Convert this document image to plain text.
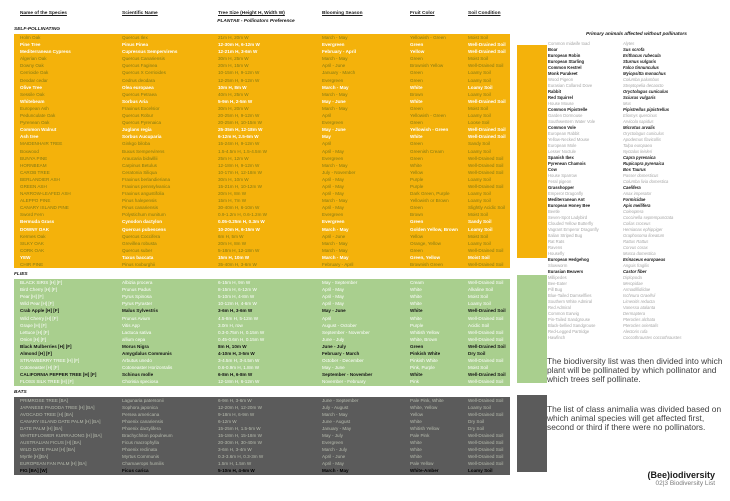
Name of the Species	Scientific Name	Tree Size (Height H, Width W)	Blooming Season	Fruit Color	Soil Condition
PLANTAE - Pollinators Preference
SELF-POLLINATING
Holm Oak	Quercus Ilex	21m H, 20m W	March - May	Yellowish - Green	Moist Soil
Pine Tree	Pinus Pinea	12-30m H, 6-12m W	Evergreen	Green	Well-Drained Soil
Mediterranean Cypress	Cupressus Sempervirens	12-21m H, 3-6m W	February - April	Yellow	Well-Drained Soil
Algerian Oak	Quercus Canariensis	30m H, 25m W	March - May	Green	Moist Soil
Downy Oak	Quercus Faginea	20m H, 15m W	April - June	Brownish Yellow	Well-Drained Soil
Cerrioide Oak	Quercus X Cerrioides	10-15m H, 9-12m W	January - March	Green	Loamy Soil
Deodar cedar	Cedrus deodara	12-25m H, 9-12m W	Evergreen	Green	Loamy Soil
Olive Tree	Olea europaea	10m H, 8m W	March - May	White	Loamy Soil
Sessile Oak	Quercus Petraea	40m H, 25m W	March - May	Brown	Loamy Soil
Whitebeam	Sorbus Aria	5-9m H, 2-5m W	May - June	White	Well-Drained Soil
European Ash	Fraxinus Excelsior	30m H, 20m W	March - May	Green	Moist Soil
Pedunculate Oak	Quercus Robur	20-25m H, 9-12m W	April	Yellowish - Green	Loamy Soil
Pyrenean Oak	Quercus Pyrenaica	20-25m H, 10-15m W	Evergreen	Green	Loose Soil
Common Walnut	Juglans regia	25-35m H, 12-18m W	May - June	Yellowish - Green	Well-Drained Soil
Ash tree	Sorbus Aucuparia	6-12m H, 2.5-6m W	May	White	Well-Drained Soil
MAIDENHAIR TREE	Ginkgo biloba	15-24m H, 9-12m W	April	Green	Sandy Soil
Boxwood	Buxus Sempervirens	1.5-4.5m H, 1.5-4.5m W	April - May	Greenish Cream	Loamy Soil
BUNYA PINE	Araucaria bidwillii	25m H, 12m W	Evergreen	Green	Well-Drained Soil
HORNBEAM	Carpinus Betulus	12-18m H, 9-12m W	March - May	White	Well-Drained Soil
CAROB TREE	Ceratonia Siliqua	10-17m H, 12-18m W	July - November	Yellow	Well-Drained Soil
BERLANDIER ASH	Fraxinus berlandieriana	30m H, 10m W	April - May	Purple	Loamy Soil
GREEN ASH	Fraxinus pennsylvanica	15-21m H, 10-12m W	April - May	Purple	Well-Drained Soil
NARROW-LEAFED ASH	Fraxinus angustifolia	20m H, 8m W	April - May	Dark Green, Purple	Loamy Soil
ALEPPO PINE	Pinus halepensis	15m H, 7m W	March - May	Yellowish or Brown	Loamy Soil
CANARY ISLAND PINE	Pinus canariensis	30-40m H, 6-10m W	April - May	Green	Slightly Acidic Soil
Sword Fern	Polystichum munitum	0.9-1.2m H, 0.6-1.2m W	Evergreen	Brown	Moist Soil
Bermuda Grass	Cynodon dactylon	0.05-0.25m H, 0.3m W	Evergreen	Green	Sandy Soil
DOWNY OAK	Quercus pubescens	10-20m H, 6-15m W	March - May	Golden Yellow, Brown	Loamy Soil
Kermes Oak	Quercus Coccifera	6m H, 5m W	April - June	Yellow	Moist Soil
SILKY OAK	Grevillea robusta	20m H, 8m W	March - May	Orange, Yellow	Loamy Soil
CORK OAK	Quercus suber	5-18m H, 12-18m W	March - May	Green	Well-Drained Soil
YEW	Taxus baccata	15m H, 10m W	March - May	Green, Yellow	Moist Soil
CHIR PINE	Pinus roxburghii	35-40m H, 3-6m W	February - April	Brownish Green	Well-Drained Soil
FLIES
BLACK SIRIS [H] [F]	Albizia procera	6-15m H, 9m W	May - September	Cream	Well-Drained Soil
Bird Cherry [H] [F]	Prunus Padus	8-15m H, 6-12m W	April - May	White	Alkaline Soil
Pear [H] [F]	Pyrus Spinosa	5-10m H, 4-8m W	April - May	White	Moist Soil
Wild Pear [H] [F]	Pyrus Pyraster	10-12m H, 4-6m W	April - May	White	Loamy Soil
Crab Apple [H] [F]	Malus Sylvestris	3-6m H, 3-6m W	May - June	White	Well-Drained Soil
Wild Cherry [H] [F]	Prunus Avium	4.5-8m H, 5-12m W	April	White	Well-Drained Soil
Grape [H] [F]	Vitis App	3.0m H, row	August - October	Purple	Acidic Soil
Lettuce [H] [F]	Lactuca sativa	0.3-0.75m H, 0.15m W	September - November	Whitish Yellow	Well-Drained Soil
Onion [H] [F]	allium cepa	0.45-0.6m H, 0.15m W	June - July	White, Brown	Well-Drained Soil
Black Mulberries [H] [F]	Morus Nigra	8m H, 10m W	June - July	Green	Well-Drained Soil
Almond [H] [F]	Amygdalus Communis	4-10m H, 3-5m W	February - March	Pinkish White	Dry Soil
STRAWBERRY TREE [H] [F]	Arbutus unedo	3-4.5m H, 3-4.5m W	October - December	Pinkish White	Well-Drained Soil
Cotoneaster [H] [F]	Cotoneaster Horizontalis	0.6-0.9m H, 1.8m W	May - June	Pink, Purple	Moist Soil
CALIFORNIA PEPPER TREE [H] [F]	Schinus molle	6-8m H, 6-8m W	September - November	White	Well-Drained Soil
FLOSS SILK TREE [H] [F]	Chorisia speciosa	12-18m H, 6-12m W	November - February	Pink	Well-Drained Soil
BATS
PRIMROSE TREE [BA]	Lagunaria patersonii	6-9m H, 3-6m W	June - September	Pale Pink, White	Well-Drained Soil
JAPANESE PAGODA TREE [H] [BA]	Sophora japonica	12-20m H, 12-20m W	July - August	White, Yellow	Loamy Soil
AVOCADO TREE [H] [BA]	Persea americana	9-18m H, 6-9m W	March - May	Yellow	Well-Drained Soil
CANARY ISLAND DATE PALM [H] [BA]	Phoenix canariensis	6-12m W	June - August	White	Dry Soil
DATE PALM [H] [BA]	Phoenix dactylifera	15-25m H, 1.5-5m W	January - May	Whitish Yellow	Dry Soil
WHITEFLOWER KURRAJONG [H] [BA]	Brachychiton populneum	15-18m H, 15-18m W	May - July	Pale Pink	Well-Drained Soil
AUSTRALIAN FICUS [H] [BA]	Ficus macrophylla	20-30m H, 30-40m W	Evergreen	White	Well-Drained Soil
WILD DATE PALM [H] [BA]	Phoenix reclinata	3-6m H, 3-4m W	March - July	White	Well-Drained Soil
Myrtle [H][BA]	Myrtus Communis	0.3-3.6m H, 0.3-3m W	April - June	White	Well-Drained Soil
EUROPEAN FAN PALM [H] [BA]	Chamaerops humilis	1.5m H, 1.5m W	April - May	Pale Yellow	Well-Drained Soil
FIG [BA] [W]	Ficus carica	5-10m H, 4-6m W	March - May	White-Amber	Loamy Soil
Primary animals affected without pollinators
Common midwife toad	Alytes
Boar	Sus scrofa
European Robin	Erithacus rubecula
European Starling	Sturnus vulgaris
Common Kestrel	Falco tinnunculus
Monk Parakeet	Myiopsitta monachus
Wood Pigeon	Columba palumbus
Eurasian Collared Dove	Streptopelia decaocto
Rabbit	Oryctolagus cuniculus
Red Squirrel	Sciurus vulgaris
House Mouse	Mus
Common Pipistrelle	Pipistrellus pipistrellus
Garden Dormouse	Eliomys quercinus
Southwestern Water Vole	Arvicola sapidus
Common Vole	Microtus arvalis
European Rabbit	Oryctolagus cuniculus
Yellow-Necked Mouse	Apodemus flavicollis
European Mole	Talpa europaea
Lesser Noctule	Nyctalus leisleri
Spanish Ibex	Capra pyrenaica
Pyrenean Chamois	Rupicapra pyrenaica
Cow	Bos Taurus
House Sparrow	Passer domesticus
Feral pigeon	Columba livia domestica
Grasshopper	Caelifera
Emperor Dragonfly	Anax imperator
Mediterranean Ant	Formicidae
European Honey Bee	Apis mellifera
Beetle	Coleoptera
Seven-Spot Ladybird	Coccinella septempunctata
Clouded Yellow Butterfly	Colias croceus
Vagrant Emperor Dragonfly	Hemianax ephippiger
Italian Striped Bug	Graphosoma lineatum
Rat Rats	Rattus Rattus
Ravens	Corvus corax
Housefly	Musca domestica
European Hedgehog	Erinaceus europaeus
Slowworm	Anguis fragilis
Eurasian Beavers	Castor fiber
Millipedes	Diplopoda
Bee-Eater	Meropidae
Pill Bug	Armadillidiidae
Blue-Tailed Damselflies	Ischnura Graellsii
Southern White Admiral	Limenitis reducta
Red Admiral	Vanessa atalanta
Common Earwig	Dermaptera
Pin-Tailed Sandgrouse	Pterocles alchata
Black-bellied Sandgrouse	Pterocles orientalis
Red-Legged Partridge	Alectoris rufa
Hawfinch	Coccothraustes coccothraustes

The biodiversity list was then divided into which plant will be pollinated by which pollinator and which trees self pollinate.

The list of class animalia was divided based on which animal species will get affected first, second or third if there were no pollinators.

(Bee)iodiversity
02|3 Biodiversity List
